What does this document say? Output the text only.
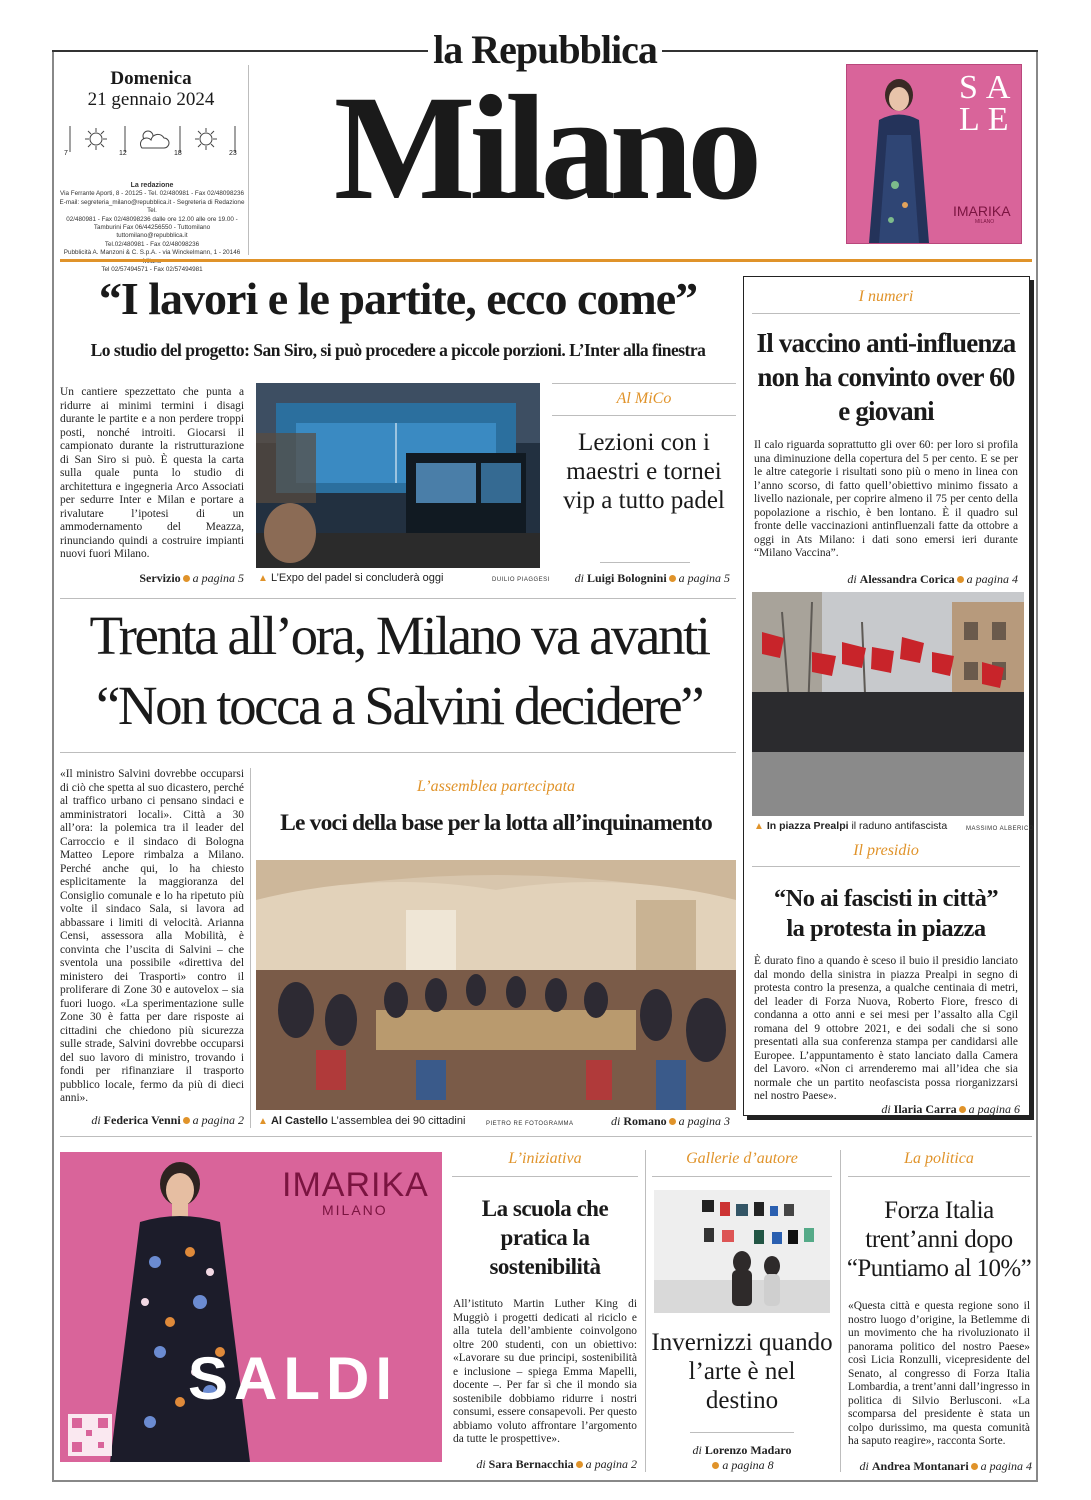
la Repubblica
Milano
Domenica
21 gennaio 2024
7	12	18	23
La redazione
Via Ferrante Aporti, 8 - 20125 - Tel. 02/480981 - Fax 02/48098236
E-mail: segreteria_milano@repubblica.it - Segreteria di Redazione Tel.
02/480981 - Fax 02/48098236 dalle ore 12.00 alle ore 19.00 -
Tamburini Fax 06/44256550 - Tuttomilano tuttomilano@repubblica.it
Tel.02/480981 - Fax 02/48098236
Pubblicità A. Manzoni & C. S.p.A. - via Winckelmann, 1 - 20146
Tel 02/57494571 - Fax 02/57494981
SA
LE
IMARIKA
MILANO
“I lavori e le partite, ecco come”
Lo studio del progetto: San Siro, si può procedere a piccole porzioni. L’Inter alla finestra
Un cantiere spezzettato che punta a ridurre ai minimi termini i disagi durante le partite e a non perdere troppi posti, nonché introiti. Giocarsi il campionato durante la ristrutturazione di San Siro si può. È questa la carta sulla quale punta lo studio di architettura e ingegneria Arco Associati per sedurre Inter e Milan e portare a rivalutare l’ipotesi di un ammodernamento del Meazza, rinunciando quindi a costruire impianti nuovi fuori Milano.
Servizio a pagina 5 ▲ L’Expo del padel si concluderà oggi	DUILIO PIAGGESI
Al MiCo
Lezioni con i maestri e tornei vip a tutto padel
di Luigi Bolognini a pagina 5
I numeri
Il vaccino anti-influenza non ha convinto over 60 e giovani
Il calo riguarda soprattutto gli over 60: per loro si profila una diminuzione della copertura del 5 per cento. E se per le altre categorie i risultati sono più o meno in linea con l’anno scorso, di fatto quell’obiettivo minimo fissato a livello nazionale, per coprire almeno il 75 per cento della popolazione a rischio, è ben lontano. È il quadro sul fronte delle vaccinazioni antinfluenzali fatte da ottobre a oggi in Ats Milano: i dati sono emersi ieri durante “Milano Vaccina”.
di Alessandra Corica a pagina 4
▲ In piazza Prealpi il raduno antifascista	MASSIMO ALBERICO
Il presidio
“No ai fascisti in città”
la protesta in piazza
È durato fino a quando è sceso il buio il presidio lanciato dal mondo della sinistra in piazza Prealpi in segno di protesta contro la presenza, a qualche centinaia di metri, del leader di Forza Nuova, Roberto Fiore, fresco di condanna a otto anni e sei mesi per l’assalto alla Cgil romana del 9 ottobre 2021, e dei sodali che si sono presentati alla sua conferenza stampa per candidarsi alle Europee. L’appuntamento è stato lanciato dalla Camera del Lavoro. «Non ci arrenderemo mai all’idea che sia normale che un partito neofascista possa riorganizzarsi nel nostro Paese».
di Ilaria Carra a pagina 6
Trenta all’ora, Milano va avanti
“Non tocca a Salvini decidere”
«Il ministro Salvini dovrebbe occuparsi di ciò che spetta al suo dicastero, perché al traffico urbano ci pensano sindaci e amministratori locali». Città a 30 all’ora: la polemica tra il leader del Carroccio e il sindaco di Bologna Matteo Lepore rimbalza a Milano. Perché anche qui, lo ha chiesto esplicitamente la maggioranza del Consiglio comunale e lo ha ripetuto più volte il sindaco Sala, si lavora ad abbassare i limiti di velocità. Arianna Censi, assessora alla Mobilità, è convinta che l’uscita di Salvini – che sventola una possibile «direttiva del ministero dei Trasporti» contro il proliferare di Zone 30 e autovelox – sia fuori luogo. «La sperimentazione sulle Zone 30 è fatta per dare risposte ai cittadini che chiedono più sicurezza sulle strade, Salvini dovrebbe occuparsi del suo lavoro di ministro, trovando i fondi per rifinanziare il trasporto pubblico locale, fermo da più di dieci anni».
di Federica Venni a pagina 2
L’assemblea partecipata
Le voci della base per la lotta all’inquinamento
▲ Al Castello L’assemblea dei 90 cittadini	PIETRO RE FOTOGRAMMA	di Romano a pagina 3
IMARIKA
MILANO
SALDI
L’iniziativa
La scuola che pratica la sostenibilità
All’istituto Martin Luther King di Muggiò i progetti dedicati al riciclo e alla tutela dell’ambiente coinvolgono oltre 200 studenti, con un obiettivo: «Lavorare su due principi, sostenibilità e inclusione – spiega Emma Mapelli, docente –. Per far sì che il mondo sia sostenibile dobbiamo ridurre i nostri consumi, essere consapevoli. Per questo abbiamo voluto affrontare l’argomento da tutte le prospettive».
di Sara Bernacchia a pagina 2
Gallerie d’autore
Invernizzi quando l’arte è nel destino
di Lorenzo Madaro
a pagina 8
La politica
Forza Italia
trent’anni dopo
“Puntiamo al 10%”
«Questa città e questa regione sono il nostro luogo d’origine, la Betlemme di un movimento che ha rivoluzionato il panorama politico del nostro Paese» così Licia Ronzulli, vicepresidente del Senato, al congresso di Forza Italia Lombardia, a trent’anni dall’ingresso in politica di Silvio Berlusconi. «La scomparsa del presidente è stata un colpo durissimo, ma questa comunità ha saputo reagire», racconta Sorte.
di Andrea Montanari a pagina 4
